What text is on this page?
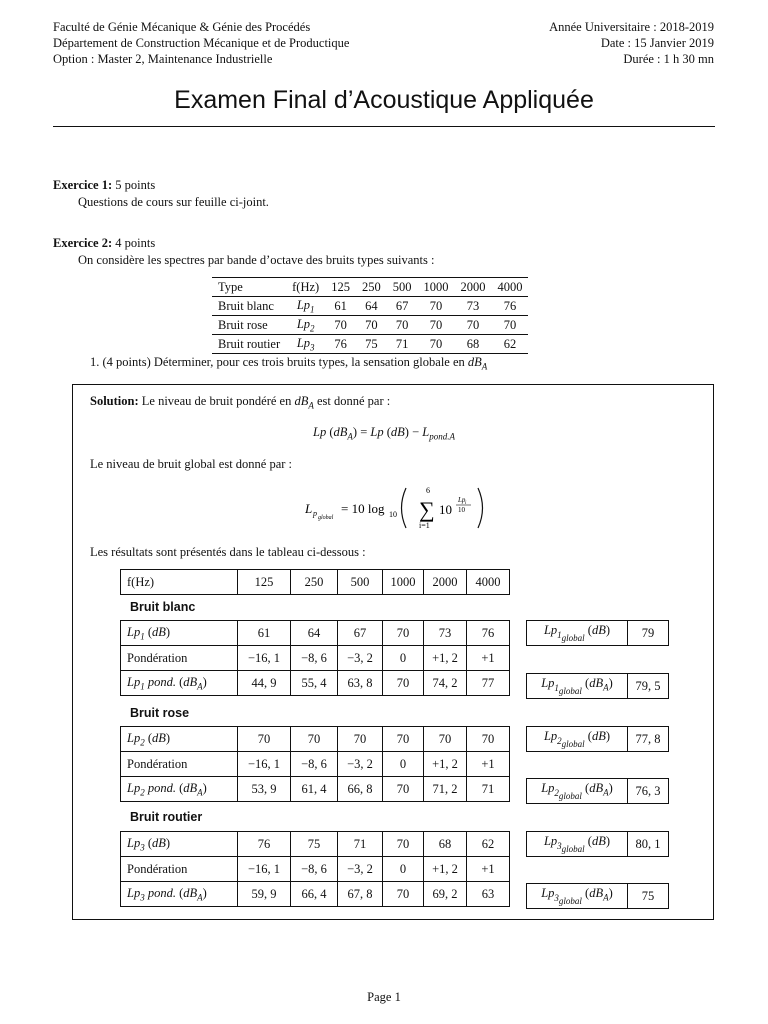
Faculté de Génie Mécanique & Génie des Procédés
Département de Construction Mécanique et de Productique
Option : Master 2, Maintenance Industrielle
Année Universitaire : 2018-2019
Date : 15 Janvier 2019
Durée : 1 h 30 mn
Examen Final d’Acoustique Appliquée
Exercice 1: 5 points
Questions de cours sur feuille ci-joint.
Exercice 2: 4 points
On considère les spectres par bande d’octave des bruits types suivants :
Type	f(Hz)	125	250	500	1000	2000	4000
Bruit blanc	$Lp_1$	61	64	67	70	73	76
Bruit rose	$Lp_2$	70	70	70	70	70	70
Bruit routier	$Lp_3$	76	75	71	70	68	62
1. (4 points) Déterminer, pour ces trois bruits types, la sensation globale en $dB_A$
Solution: Le niveau de bruit pondéré en $dB_A$ est donné par :
Lp $(dB_A) = Lp$ $(dB) - L_{pond.A}$
Le niveau de bruit global est donné par :
L p global
= 10 log 10
6
∑
i=1
10
Lp i
10
Les résultats sont présentés dans le tableau ci-dessous :
f(Hz)	125	250	500	1000	2000	4000
Bruit blanc
$Lp_1$ (dB)	61	64	67	70	73	76
Pondération	−16, 1	−8, 6	−3, 2	0	+1, 2	+1
$Lp_1$ pond. $(dB_A)$	44, 9	55, 4	63, 8	70	74, 2	77
$Lp_{1_{global}}$ (dB)	79
$Lp_{1_{global}}$ $(dB_A)$	79, 5
Bruit rose
$Lp_2$ (dB)	70	70	70	70	70	70
Pondération	−16, 1	−8, 6	−3, 2	0	+1, 2	+1
$Lp_2$ pond. $(dB_A)$	53, 9	61, 4	66, 8	70	71, 2	71
$Lp_{2_{global}}$ (dB)	77, 8
$Lp_{2_{global}}$ $(dB_A)$	76, 3
Bruit routier
$Lp_3$ (dB)	76	75	71	70	68	62
Pondération	−16, 1	−8, 6	−3, 2	0	+1, 2	+1
$Lp_3$ pond. $(dB_A)$	59, 9	66, 4	67, 8	70	69, 2	63
$Lp_{3_{global}}$ (dB)	80, 1
$Lp_{3_{global}}$ $(dB_A)$	75
Page 1
